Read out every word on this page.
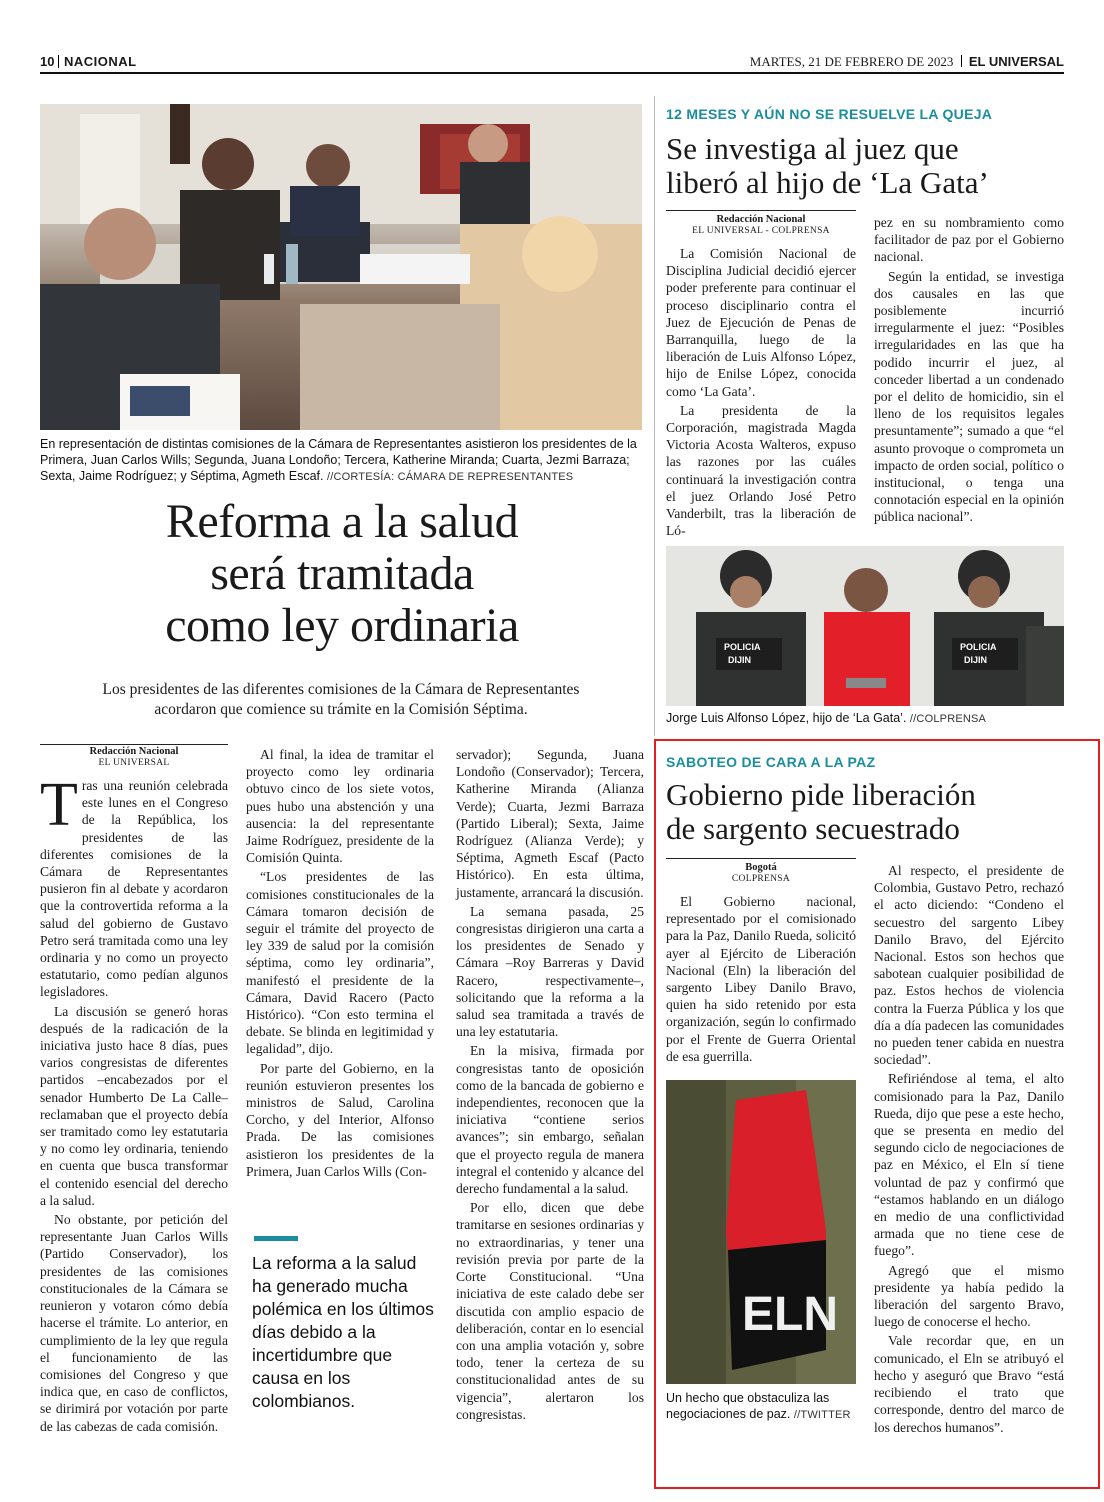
10 NACIONAL	MARTES, 21 DE FEBRERO DE 2023 EL UNIVERSAL
En representación de distintas comisiones de la Cámara de Representantes asistieron los presidentes de la Primera, Juan Carlos Wills; Segunda, Juana Londoño; Tercera, Katherine Miranda; Cuarta, Jezmi Barraza; Sexta, Jaime Rodríguez; y Séptima, Agmeth Escaf. //CORTESÍA: CÁMARA DE REPRESENTANTES
Reforma a la salud
será tramitada
como ley ordinaria
Los presidentes de las diferentes comisiones de la Cámara de Representantes acordaron que comience su trámite en la Comisión Séptima.
Redacción Nacional
EL UNIVERSAL

Tras una reunión celebrada este lunes en el Congreso de la República, los presidentes de las diferentes comisiones de la Cámara de Representantes pusieron fin al debate y acordaron que la controvertida reforma a la salud del gobierno de Gustavo Petro será tramitada como una ley ordinaria y no como un proyecto estatutario, como pedían algunos legisladores.

La discusión se generó horas después de la radicación de la iniciativa justo hace 8 días, pues varios congresistas de diferentes partidos –encabezados por el senador Humberto De La Calle– reclamaban que el proyecto debía ser tramitado como ley estatutaria y no como ley ordinaria, teniendo en cuenta que busca transformar el contenido esencial del derecho a la salud.

No obstante, por petición del representante Juan Carlos Wills (Partido Conservador), los presidentes de las comisiones constitucionales de la Cámara se reunieron y votaron cómo debía hacerse el trámite. Lo anterior, en cumplimiento de la ley que regula el funcionamiento de las comisiones del Congreso y que indica que, en caso de conflictos, se dirimirá por votación por parte de las cabezas de cada comisión.

Al final, la idea de tramitar el proyecto como ley ordinaria obtuvo cinco de los siete votos, pues hubo una abstención y una ausencia: la del representante Jaime Rodríguez, presidente de la Comisión Quinta.

“Los presidentes de las comisiones constitucionales de la Cámara tomaron decisión de seguir el trámite del proyecto de ley 339 de salud por la comisión séptima, como ley ordinaria”, manifestó el presidente de la Cámara, David Racero (Pacto Histórico). “Con esto termina el debate. Se blinda en legitimidad y legalidad”, dijo.

Por parte del Gobierno, en la reunión estuvieron presentes los ministros de Salud, Carolina Corcho, y del Interior, Alfonso Prada. De las comisiones asistieron los presidentes de la Primera, Juan Carlos Wills (Con-

La reforma a la salud ha generado mucha polémica en los últimos días debido a la incertidumbre que causa en los colombianos.

servador); Segunda, Juana Londoño (Conservador); Tercera, Katherine Miranda (Alianza Verde); Cuarta, Jezmi Barraza (Partido Liberal); Sexta, Jaime Rodríguez (Alianza Verde); y Séptima, Agmeth Escaf (Pacto Histórico). En esta última, justamente, arrancará la discusión.

La semana pasada, 25 congresistas dirigieron una carta a los presidentes de Senado y Cámara –Roy Barreras y David Racero, respectivamente–, solicitando que la reforma a la salud sea tramitada a través de una ley estatutaria.

En la misiva, firmada por congresistas tanto de oposición como de la bancada de gobierno e independientes, reconocen que la iniciativa “contiene serios avances”; sin embargo, señalan que el proyecto regula de manera integral el contenido y alcance del derecho fundamental a la salud.

Por ello, dicen que debe tramitarse en sesiones ordinarias y no extraordinarias, y tener una revisión previa por parte de la Corte Constitucional. “Una iniciativa de este calado debe ser discutida con amplio espacio de deliberación, contar en lo esencial con una amplia votación y, sobre todo, tener la certeza de su constitucionalidad antes de su vigencia”, alertaron los congresistas.

12 MESES Y AÚN NO SE RESUELVE LA QUEJA
Se investiga al juez que
liberó al hijo de ‘La Gata’
Redacción Nacional
EL UNIVERSAL - COLPRENSA

La Comisión Nacional de Disciplina Judicial decidió ejercer poder preferente para continuar el proceso disciplinario contra el Juez de Ejecución de Penas de Barranquilla, luego de la liberación de Luis Alfonso López, hijo de Enilse López, conocida como ‘La Gata’.

La presidenta de la Corporación, magistrada Magda Victoria Acosta Walteros, expuso las razones por las cuáles continuará la investigación contra el juez Orlando José Petro Vanderbilt, tras la liberación de Ló-

pez en su nombramiento como facilitador de paz por el Gobierno nacional.

Según la entidad, se investiga dos causales en las que posiblemente incurrió irregularmente el juez: “Posibles irregularidades en las que ha podido incurrir el juez, al conceder libertad a un condenado por el delito de homicidio, sin el lleno de los requisitos legales presuntamente”; sumado a que “el asunto provoque o comprometa un impacto de orden social, político o institucional, o tenga una connotación especial en la opinión pública nacional”.

POLICIA
DIJIN
POLICIA
DIJIN
Jorge Luis Alfonso López, hijo de ‘La Gata’. //COLPRENSA
SABOTEO DE CARA A LA PAZ
Gobierno pide liberación
de sargento secuestrado
Bogotá
COLPRENSA

El Gobierno nacional, representado por el comisionado para la Paz, Danilo Rueda, solicitó ayer al Ejército de Liberación Nacional (Eln) la liberación del sargento Libey Danilo Bravo, quien ha sido retenido por esta organización, según lo confirmado por el Frente de Guerra Oriental de esa guerrilla.

ELN
Un hecho que obstaculiza las negociaciones de paz. //TWITTER

Al respecto, el presidente de Colombia, Gustavo Petro, rechazó el acto diciendo: “Condeno el secuestro del sargento Libey Danilo Bravo, del Ejército Nacional. Estos son hechos que sabotean cualquier posibilidad de paz. Estos hechos de violencia contra la Fuerza Pública y los que día a día padecen las comunidades no pueden tener cabida en nuestra sociedad”.

Refiriéndose al tema, el alto comisionado para la Paz, Danilo Rueda, dijo que pese a este hecho, que se presenta en medio del segundo ciclo de negociaciones de paz en México, el Eln sí tiene voluntad de paz y confirmó que “estamos hablando en un diálogo en medio de una conflictividad armada que no tiene cese de fuego”.

Agregó que el mismo presidente ya había pedido la liberación del sargento Bravo, luego de conocerse el hecho.

Vale recordar que, en un comunicado, el Eln se atribuyó el hecho y aseguró que Bravo “está recibiendo el trato que corresponde, dentro del marco de los derechos humanos”.
